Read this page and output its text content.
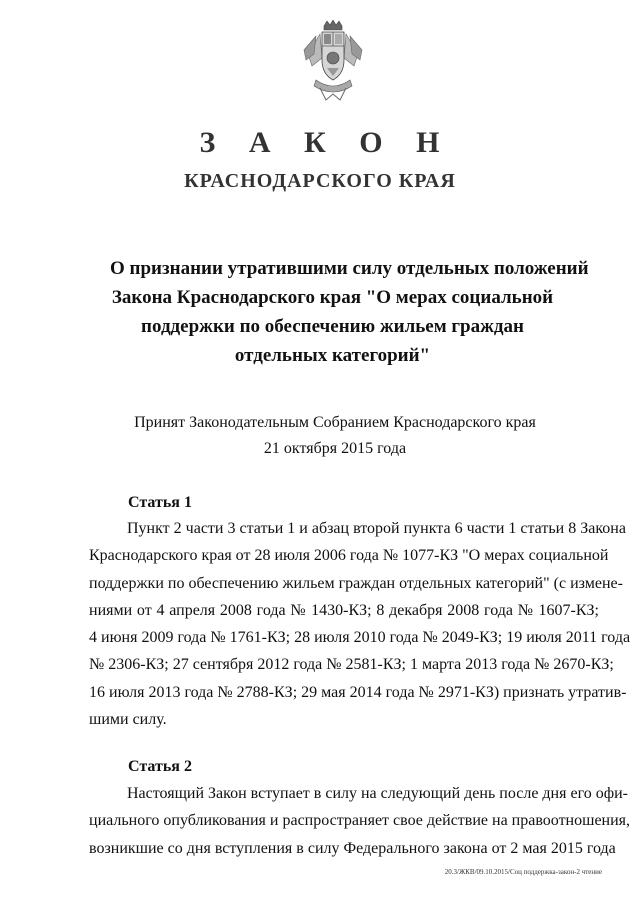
З А К О Н
КРАСНОДАРСКОГО КРАЯ
О признании утратившими силу отдельных положений
Закона Краснодарского края "О мерах социальной
поддержки по обеспечению жильем граждан
отдельных категорий"
Принят Законодательным Собранием Краснодарского края
21 октября 2015 года
Статья 1
Пункт 2 части 3 статьи 1 и абзац второй пункта 6 части 1 статьи 8 Закона
Краснодарского края от 28 июля 2006 года № 1077-КЗ "О мерах социальной
поддержки по обеспечению жильем граждан отдельных категорий" (с измене-
ниями от 4 апреля 2008 года № 1430-КЗ; 8 декабря 2008 года № 1607-КЗ;
4 июня 2009 года № 1761-КЗ; 28 июля 2010 года № 2049-КЗ; 19 июля 2011 года
№ 2306-КЗ; 27 сентября 2012 года № 2581-КЗ; 1 марта 2013 года № 2670-КЗ;
16 июля 2013 года № 2788-КЗ; 29 мая 2014 года № 2971-КЗ) признать утратив-
шими силу.
Статья 2
Настоящий Закон вступает в силу на следующий день после дня его офи-
циального опубликования и распространяет свое действие на правоотношения,
возникшие со дня вступления в силу Федерального закона от 2 мая 2015 года
20.3/ЖКВ/09.10.2015/Соц поддержка-закон-2 чтение
